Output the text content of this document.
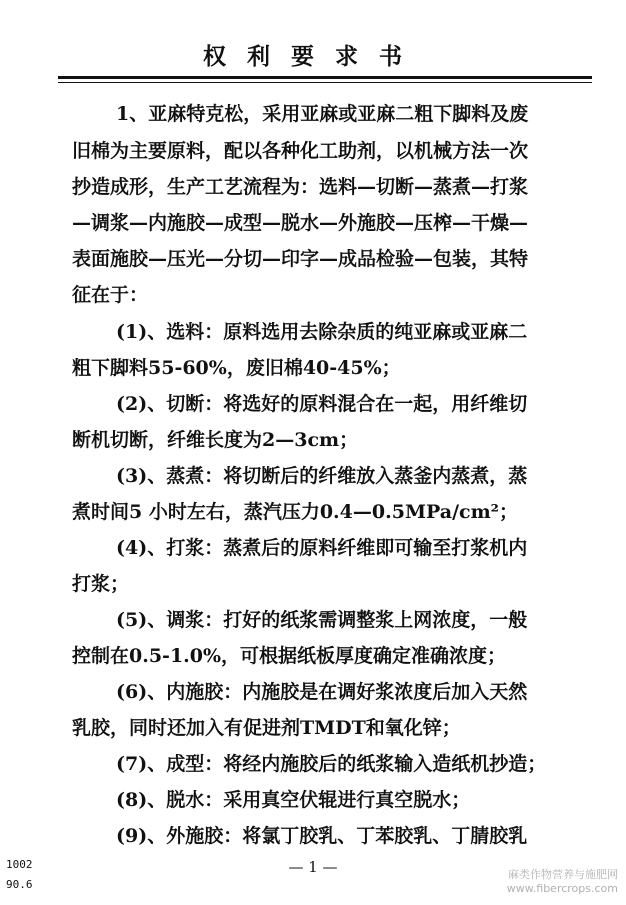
权利要求书

1、亚麻特克松，采用亚麻或亚麻二粗下脚料及废

旧棉为主要原料，配以各种化工助剂，以机械方法一次

抄造成形，生产工艺流程为：选料—切断—蒸煮—打浆

—调浆—内施胶—成型—脱水—外施胶—压榨—干燥—

表面施胶—压光—分切—印字—成品检验—包装，其特

征在于：

(1)、选料：原料选用去除杂质的纯亚麻或亚麻二

粗下脚料55-60%，废旧棉40-45%；

(2)、切断：将选好的原料混合在一起，用纤维切

断机切断，纤维长度为2—3cm；

(3)、蒸煮：将切断后的纤维放入蒸釜内蒸煮，蒸

煮时间5 小时左右，蒸汽压力0.4—0.5MPa/cm²；

(4)、打浆：蒸煮后的原料纤维即可输至打浆机内

打浆；

(5)、调浆：打好的纸浆需调整浆上网浓度，一般

控制在0.5-1.0%，可根据纸板厚度确定准确浓度；

(6)、内施胶：内施胶是在调好浆浓度后加入天然

乳胶，同时还加入有促进剂TMDT和氧化锌；

(7)、成型：将经内施胶后的纸浆输入造纸机抄造；

(8)、脱水：采用真空伏辊进行真空脱水；

(9)、外施胶：将氯丁胶乳、丁苯胶乳、丁腈胶乳

— 1 —
1002
90.6
麻类作物营养与施肥网
www.fibercrops.com
